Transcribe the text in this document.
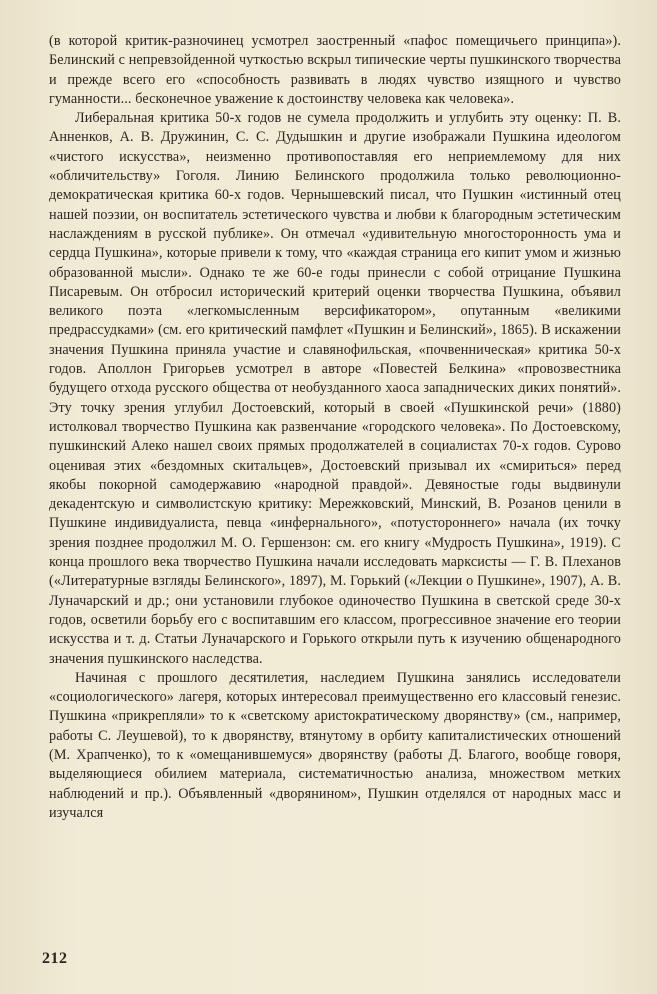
(в которой критик-разночинец усмотрел заостренный «пафос помещичьего принципа»). Белинский с непревзойденной чуткостью вскрыл типические черты пушкинского творчества и прежде всего его «способность развивать в людях чувство изящного и чувство гуманности... бесконечное уважение к достоинству человека как человека».

Либеральная критика 50-х годов не сумела продолжить и углубить эту оценку: П. В. Анненков, А. В. Дружинин, С. С. Дудышкин и другие изображали Пушкина идеологом «чистого искусства», неизменно противопоставляя его неприемлемому для них «обличительству» Гоголя. Линию Белинского продолжила только революционно-демократическая критика 60-х годов. Чернышевский писал, что Пушкин «истинный отец нашей поэзии, он воспитатель эстетического чувства и любви к благородным эстетическим наслаждениям в русской публике». Он отмечал «удивительную многосторонность ума и сердца Пушкина», которые привели к тому, что «каждая страница его кипит умом и жизнью образованной мысли». Однако те же 60-е годы принесли с собой отрицание Пушкина Писаревым. Он отбросил исторический критерий оценки творчества Пушкина, объявил великого поэта «легкомысленным версификатором», опутанным «великими предрассудками» (см. его критический памфлет «Пушкин и Белинский», 1865). В искажении значения Пушкина приняла участие и славянофильская, «почвенническая» критика 50-х годов. Аполлон Григорьев усмотрел в авторе «Повестей Белкина» «провозвестника будущего отхода русского общества от необузданного хаоса западнических диких понятий». Эту точку зрения углубил Достоевский, который в своей «Пушкинской речи» (1880) истолковал творчество Пушкина как развенчание «городского человека». По Достоевскому, пушкинский Алеко нашел своих прямых продолжателей в социалистах 70-х годов. Сурово оценивая этих «бездомных скитальцев», Достоевский призывал их «смириться» перед якобы покорной самодержавию «народной правдой». Девяностые годы выдвинули декадентскую и символистскую критику: Мережковский, Минский, В. Розанов ценили в Пушкине индивидуалиста, певца «инфернального», «потустороннего» начала (их точку зрения позднее продолжил М. О. Гершензон: см. его книгу «Мудрость Пушкина», 1919). С конца прошлого века творчество Пушкина начали исследовать марксисты — Г. В. Плеханов («Литературные взгляды Белинского», 1897), М. Горький («Лекции о Пушкине», 1907), А. В. Луначарский и др.; они установили глубокое одиночество Пушкина в светской среде 30-х годов, осветили борьбу его с воспитавшим его классом, прогрессивное значение его теории искусства и т. д. Статьи Луначарского и Горького открыли путь к изучению общенародного значения пушкинского наследства.

Начиная с прошлого десятилетия, наследием Пушкина занялись исследователи «социологического» лагеря, которых интересовал преимущественно его классовый генезис. Пушкина «прикрепляли» то к «светскому аристократическому дворянству» (см., например, работы С. Леушевой), то к дворянству, втянутому в орбиту капиталистических отношений (М. Храпченко), то к «омещанившемуся» дворянству (работы Д. Благого, вообще говоря, выделяющиеся обилием материала, систематичностью анализа, множеством метких наблюдений и пр.). Объявленный «дворянином», Пушкин отделялся от народных масс и изучался

212
